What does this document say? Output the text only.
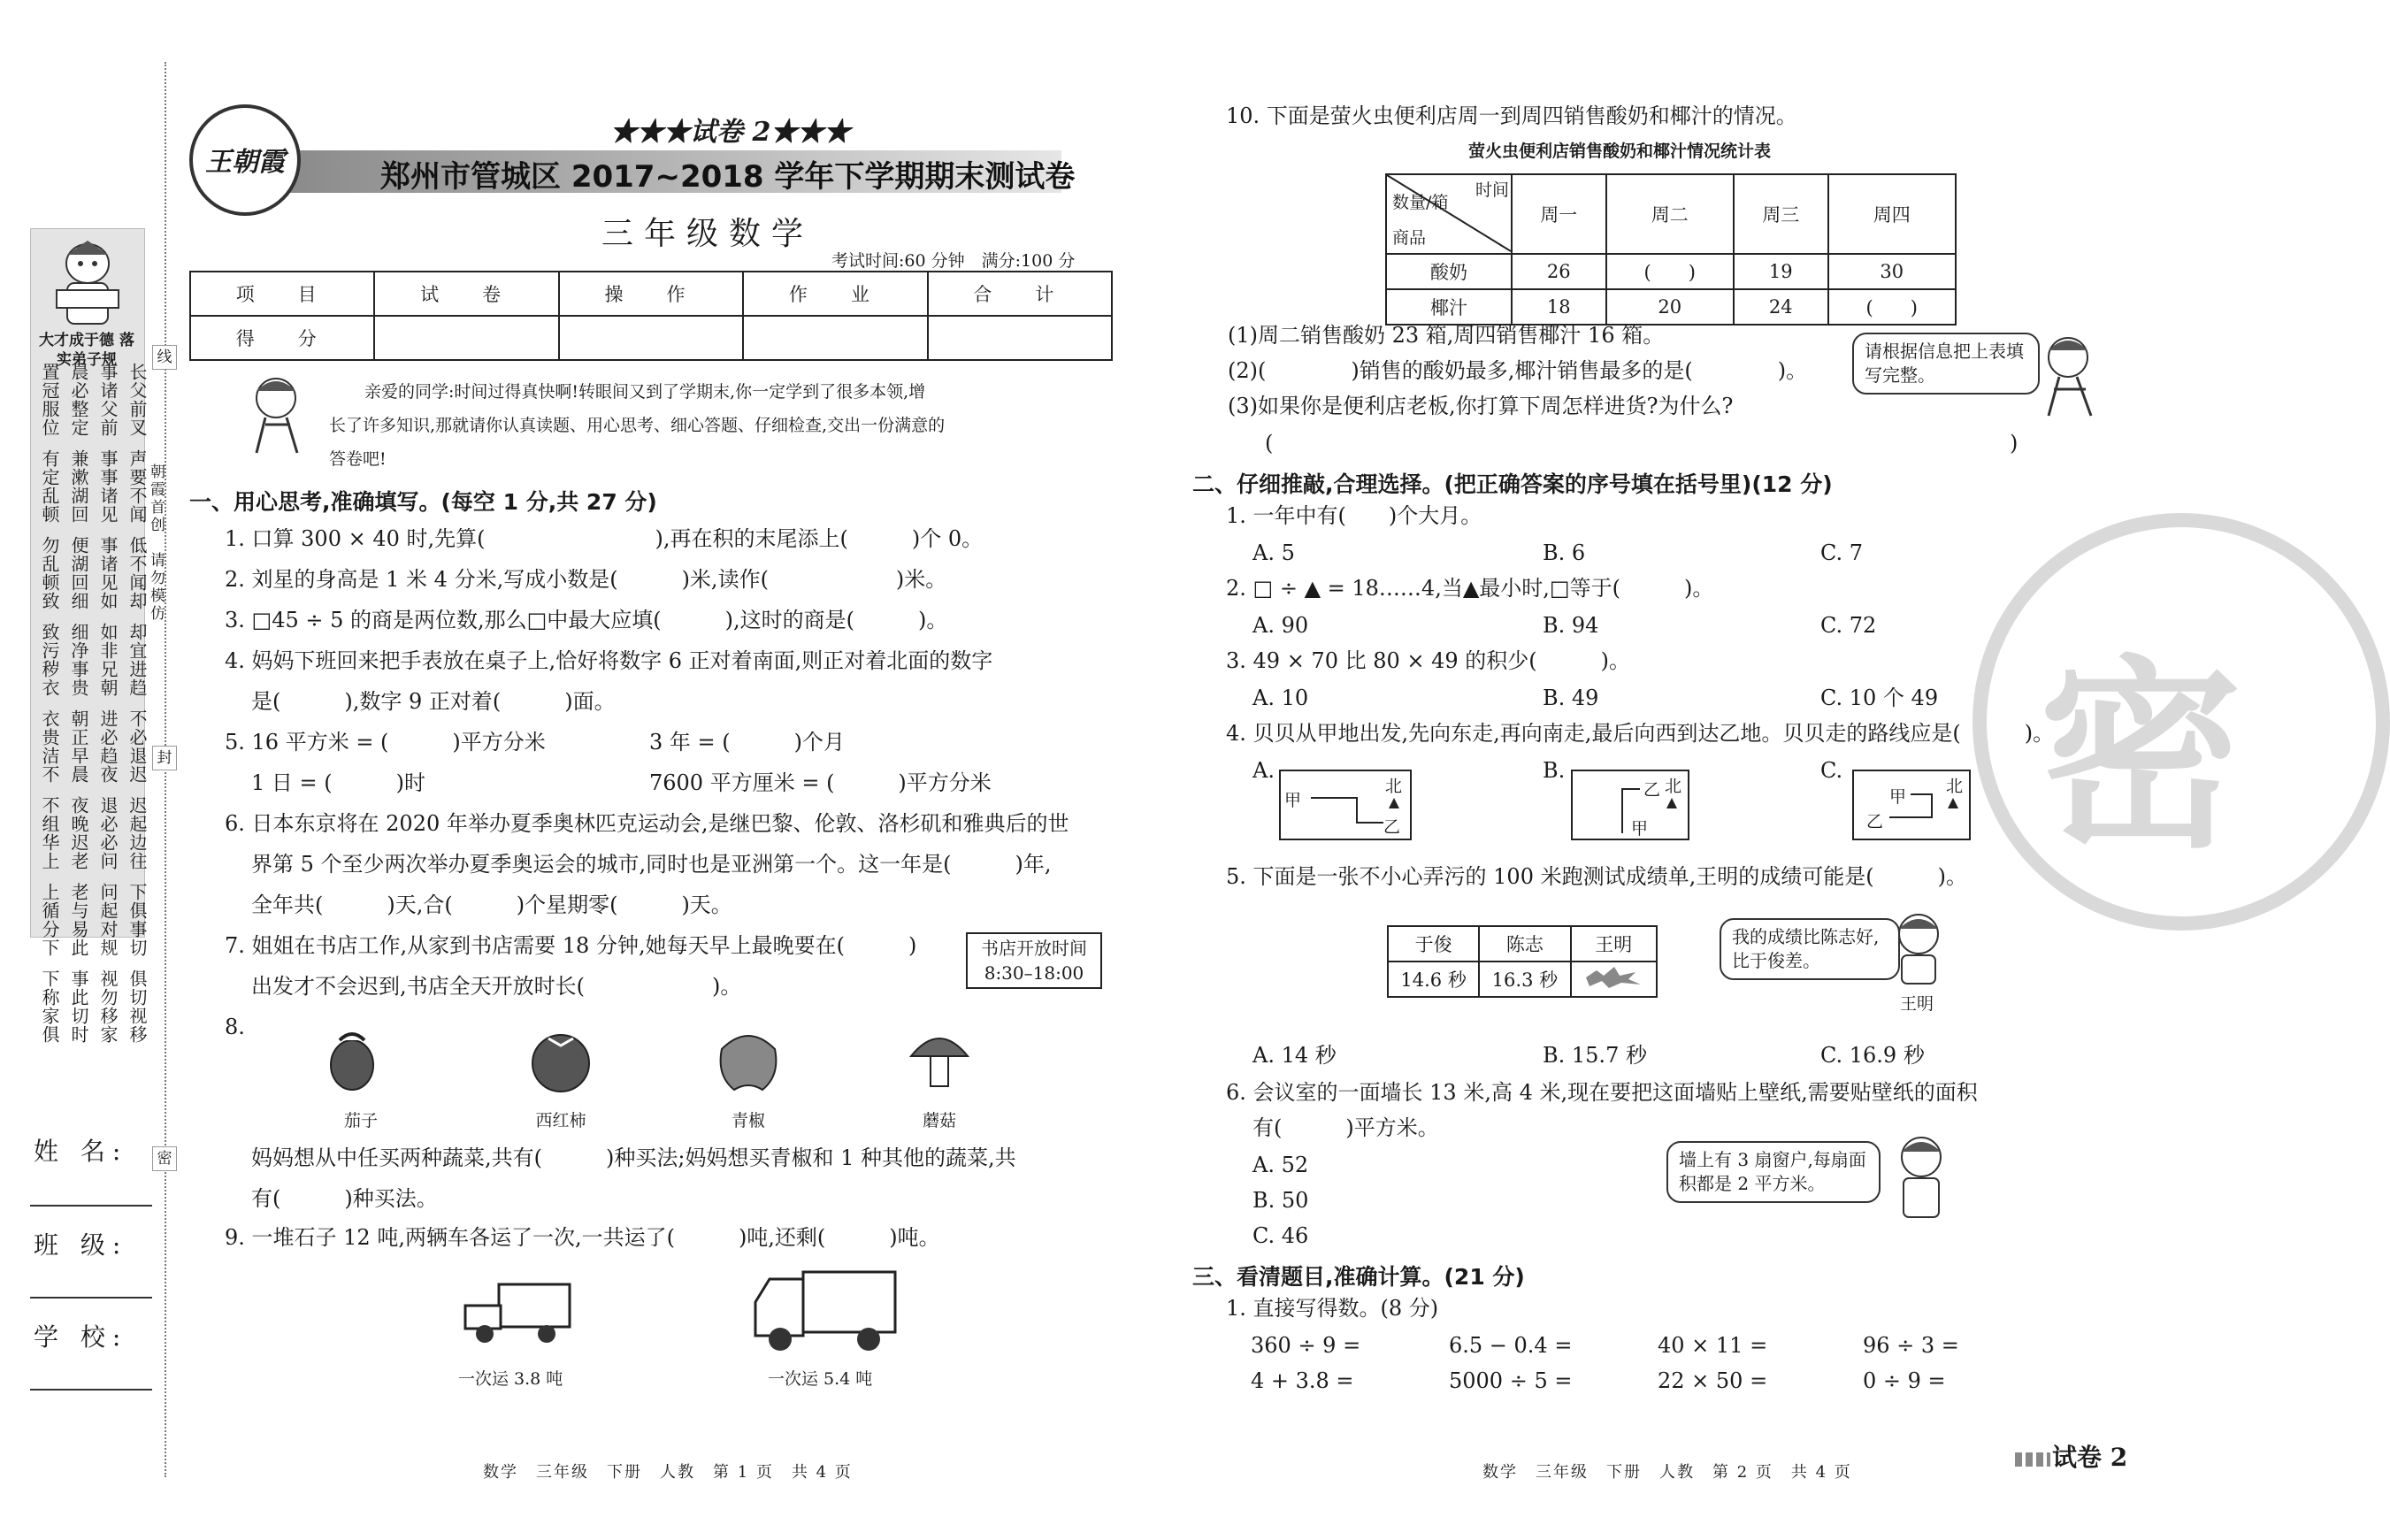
大才成于德 落实弟子规
置冠服位 晨必整定 事诸父前 长父前叉
有定乱顿 兼漱湖回 事事诸见 声要不闻
勿乱顿致 便湖回细 事诸见如 低不闻却
致污秽衣 细净事贵 如非兄朝 却宜进趋
衣贵洁不 朝正早晨 进必趋夜 不必退迟
不组华上 夜晚迟老 退必必问 迟起边往
上循分下 老与易此 问起对规 下俱事切
下称家俱 事此切时 视勿移家 俱切视移
线
封
密
朝霞首创
请勿模仿
姓 名:
班 级:
学 校:
王朝霞
★★★试卷 2★★★
郑州市管城区 2017~2018 学年下学期期末测试卷
三年级数学
考试时间:60 分钟　满分:100 分
项　目	试　卷	操　作	作　业	合　计
得　分				
亲爱的同学:时间过得真快啊!转眼间又到了学期末,你一定学到了很多本领,增
长了许多知识,那就请你认真读题、用心思考、细心答题、仔细检查,交出一份满意的
答卷吧!
一、用心思考,准确填写。(每空 1 分,共 27 分)
1. 口算 300 × 40 时,先算(　　　　　　　　),再在积的末尾添上(　　　)个 0。
2. 刘星的身高是 1 米 4 分米,写成小数是(　　　)米,读作(　　　　　　)米。
3. □45 ÷ 5 的商是两位数,那么□中最大应填(　　　),这时的商是(　　　)。
4. 妈妈下班回来把手表放在桌子上,恰好将数字 6 正对着南面,则正对着北面的数字
是(　　　),数字 9 正对着(　　　)面。
5. 16 平方米 = (　　　)平方分米	3 年 = (　　　)个月
1 日 = (　　　)时	7600 平方厘米 = (　　　)平方分米
6. 日本东京将在 2020 年举办夏季奥林匹克运动会,是继巴黎、伦敦、洛杉矶和雅典后的世
界第 5 个至少两次举办夏季奥运会的城市,同时也是亚洲第一个。这一年是(　　　)年,
全年共(　　　)天,合(　　　)个星期零(　　　)天。
7. 姐姐在书店工作,从家到书店需要 18 分钟,她每天早上最晚要在(　　　)
出发才不会迟到,书店全天开放时长(　　　　　　)。
书店开放时间
8:30–18:00
8.
茄子	西红柿	青椒	蘑菇
妈妈想从中任买两种蔬菜,共有(　　　)种买法;妈妈想买青椒和 1 种其他的蔬菜,共
有(　　　)种买法。
9. 一堆石子 12 吨,两辆车各运了一次,一共运了(　　　)吨,还剩(　　　)吨。
一次运 3.8 吨	一次运 5.4 吨
数学　三年级　下册　人教　第 1 页　共 4 页
密
10. 下面是萤火虫便利店周一到周四销售酸奶和椰汁的情况。
萤火虫便利店销售酸奶和椰汁情况统计表
数量/箱
时间
商品	周一	周二	周三	周四
酸奶	26	(　　)	19	30
椰汁	18	20	24	(　　)
(1)周二销售酸奶 23 箱,周四销售椰汁 16 箱。
(2)(　　　　)销售的酸奶最多,椰汁销售最多的是(　　　　)。
(3)如果你是便利店老板,你打算下周怎样进货?为什么?
(	)
请根据信息把上表填写完整。
二、仔细推敲,合理选择。(把正确答案的序号填在括号里)(12 分)
1. 一年中有(　　)个大月。
A. 5	B. 6	C. 7
2. □ ÷ ▲ = 18……4,当▲最小时,□等于(　　　)。
A. 90	B. 94	C. 72
3. 49 × 70 比 80 × 49 的积少(　　　)。
A. 10	B. 49	C. 10 个 49
4. 贝贝从甲地出发,先向东走,再向南走,最后向西到达乙地。贝贝走的路线应是(　　　)。
A.	B.	C.
甲
乙
北
甲
乙 北
甲
乙
北
5. 下面是一张不小心弄污的 100 米跑测试成绩单,王明的成绩可能是(　　　)。
于俊	陈志	王明
14.6 秒	16.3 秒	
我的成绩比陈志好,比于俊差。
王明
A. 14 秒	B. 15.7 秒	C. 16.9 秒
6. 会议室的一面墙长 13 米,高 4 米,现在要把这面墙贴上壁纸,需要贴壁纸的面积
有(　　　)平方米。
A. 52
B. 50
C. 46
墙上有 3 扇窗户,每扇面积都是 2 平方米。
三、看清题目,准确计算。(21 分)
1. 直接写得数。(8 分)
360 ÷ 9 =	6.5 − 0.4 =	40 × 11 =	96 ÷ 3 =
4 + 3.8 =	5000 ÷ 5 =	22 × 50 =	0 ÷ 9 =
数学　三年级　下册　人教　第 2 页　共 4 页
试卷 2
